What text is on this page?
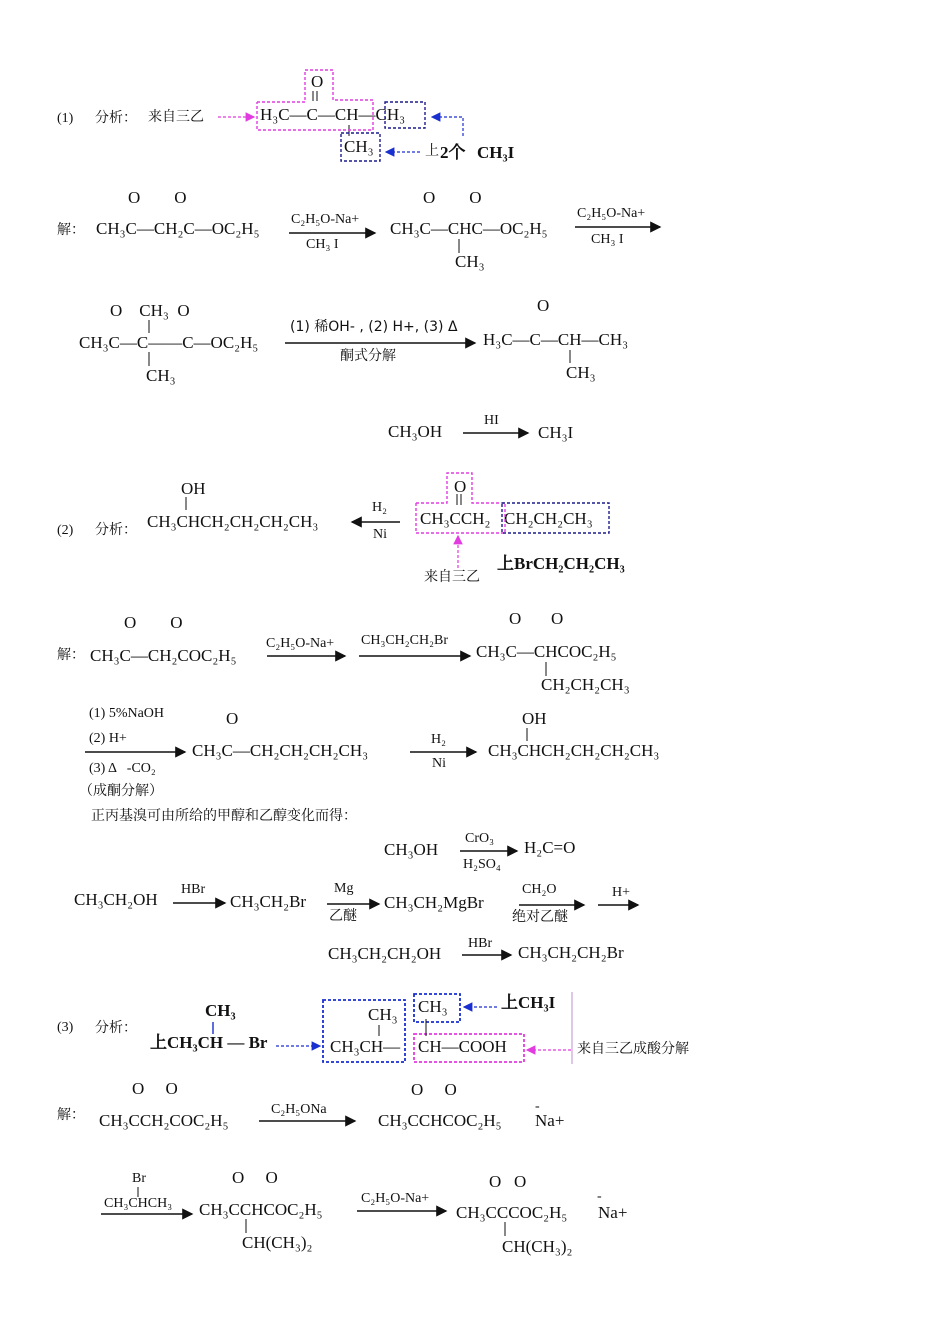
(1) 分析： 来自三乙
O
H₃C—C—CH—CH₃
CH₃	上 2个 CH₃I
解：
O        O
CH₃C—CH₂C—OC₂H₅ C₂H₅O-Na+
CH₃ I
O        O
CH₃C—CHC—OC₂H₅
CH₃
C₂H₅O-Na+
CH₃ I
O    CH₃  O
CH₃C—C——C—OC₂H₅
CH₃
(1) 稀OH- , (2) H+, (3) Δ
酮式分解
O
H₃C—C—CH—CH₃
CH₃
CH₃OH
HI
CH₃I
(2) 分析：
OH
CH₃CHCH₂CH₂CH₂CH₃
H₂
Ni
O
CH₃CCH₂ CH₂CH₂CH₃
上BrCH₂CH₂CH₃
来自三乙
解：
O        O
CH₃C—CH₂COC₂H₅
C₂H₅O-Na+ CH₃CH₂CH₂Br
O       O
CH₃C—CHCOC₂H₅
CH₂CH₂CH₃
(1) 5%NaOH
(2) H+
(3) Δ   -CO₂
（成酮分解）
O
CH₃C—CH₂CH₂CH₂CH₃
H₂
Ni
OH
CH₃CHCH₂CH₂CH₂CH₃
正丙基溴可由所给的甲醇和乙醇变化而得：
CH₃OH
CrO₃
H₂SO₄
H₂C=O
CH₃CH₂OH
HBr
CH₃CH₂Br
Mg
乙醚
CH₃CH₂MgBr
CH₂O
绝对乙醚
H+
CH₃CH₂CH₂OH
HBr CH₃CH₂CH₂Br
(3) 分析：
CH₃
上CH₃CH — Br
CH₃
CH₃CH—
CH₃	上CH₃I
CH—COOH	来自三乙成酸分解
解：
O     O
CH₃CCH₂COC₂H₅
C₂H₅ONa
O     O
CH₃CCHCOC₂H₅
-
Na+
Br
CH₃CHCH₃
O     O
CH₃CCHCOC₂H₅
CH(CH₃)₂
C₂H₅O-Na+
O   O
CH₃CCCOC₂H₅
CH(CH₃)₂
-
Na+
